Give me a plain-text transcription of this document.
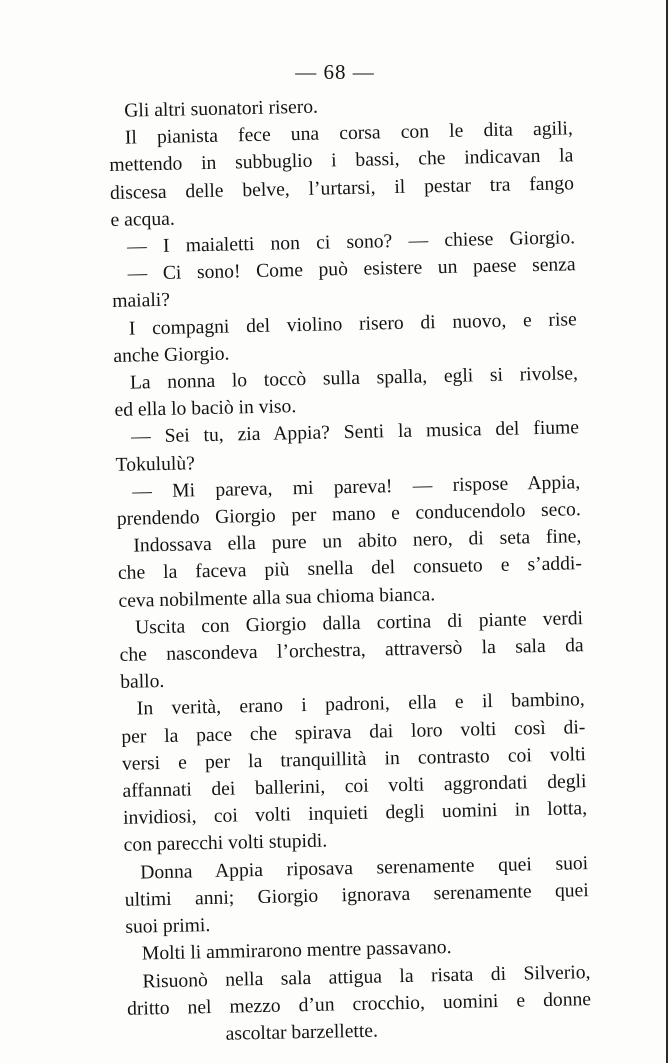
— 68 —
Gli altri suonatori risero.
Il pianista fece una corsa con le dita agili,
mettendo in subbuglio i bassi, che indicavan la
discesa delle belve, l’urtarsi, il pestar tra fango
e acqua.
— I maialetti non ci sono? — chiese Giorgio.
— Ci sono! Come può esistere un paese senza
maiali?
I compagni del violino risero di nuovo, e rise
anche Giorgio.
La nonna lo toccò sulla spalla, egli si rivolse,
ed ella lo baciò in viso.
— Sei tu, zia Appia? Senti la musica del fiume
Tokululù?
— Mi pareva, mi pareva! — rispose Appia,
prendendo Giorgio per mano e conducendolo seco.
Indossava ella pure un abito nero, di seta fine,
che la faceva più snella del consueto e s’addi-
ceva nobilmente alla sua chioma bianca.
Uscita con Giorgio dalla cortina di piante verdi
che nascondeva l’orchestra, attraversò la sala da
ballo.
In verità, erano i padroni, ella e il bambino,
per la pace che spirava dai loro volti così di-
versi e per la tranquillità in contrasto coi volti
affannati dei ballerini, coi volti aggrondati degli
invidiosi, coi volti inquieti degli uomini in lotta,
con parecchi volti stupidi.
Donna Appia riposava serenamente quei suoi
ultimi anni; Giorgio ignorava serenamente quei
suoi primi.
Molti li ammirarono mentre passavano.
Risuonò nella sala attigua la risata di Silverio,
dritto nel mezzo d’un crocchio, uomini e donne
ascoltar barzellette.
